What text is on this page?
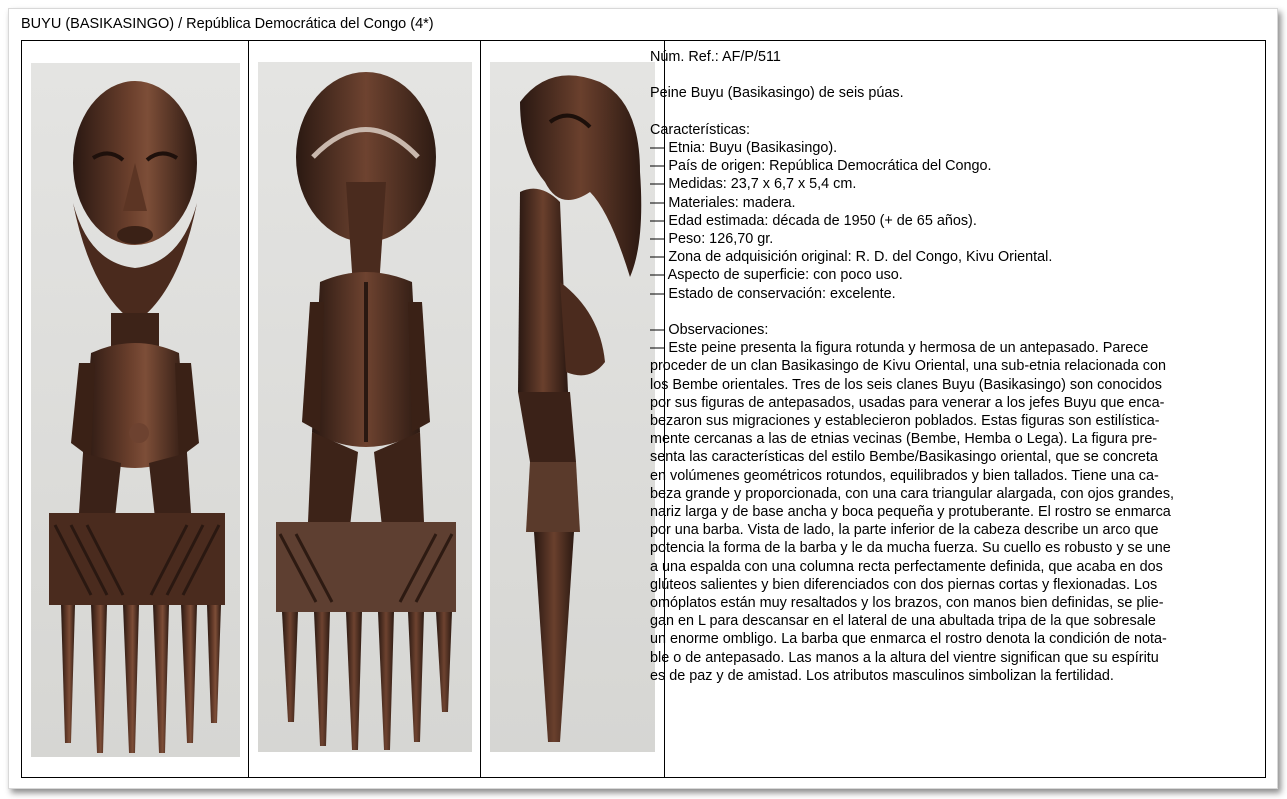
BUYU (BASIKASINGO) / República Democrática del Congo (4*)

Núm. Ref.: AF/P/511

Peine Buyu (Basikasingo) de seis púas.

Características:

— Etnia: Buyu (Basikasingo).

— País de origen: República Democrática del Congo.

— Medidas: 23,7 x 6,7 x 5,4 cm.

— Materiales: madera.

— Edad estimada: década de 1950 (+ de 65 años).

— Peso: 126,70 gr.

— Zona de adquisición original: R. D. del Congo, Kivu Oriental.

— Aspecto de superficie: con poco uso.

— Estado de conservación: excelente.

— Observaciones:

— Este peine presenta la figura rotunda y hermosa de un antepasado. Parece

proceder de un clan Basikasingo de Kivu Oriental, una sub-etnia relacionada con

los Bembe orientales. Tres de los seis clanes Buyu (Basikasingo) son conocidos

por sus figuras de antepasados, usadas para venerar a los jefes Buyu que enca-

bezaron sus migraciones y establecieron poblados. Estas figuras son estilística-

mente cercanas a las de etnias vecinas (Bembe, Hemba o Lega). La figura pre-

senta las características del estilo Bembe/Basikasingo oriental, que se concreta

en volúmenes geométricos rotundos, equilibrados y bien tallados. Tiene una ca-

beza grande y proporcionada, con una cara triangular alargada, con ojos grandes,

nariz larga y de base ancha y boca pequeña y protuberante. El rostro se enmarca

por una barba. Vista de lado, la parte inferior de la cabeza describe un arco que

potencia la forma de la barba y le da mucha fuerza. Su cuello es robusto y se une

a una espalda con una columna recta perfectamente definida, que acaba en dos

glúteos salientes y bien diferenciados con dos piernas cortas y flexionadas. Los

omóplatos están muy resaltados y los brazos, con manos bien definidas, se plie-

gan en L para descansar en el lateral de una abultada tripa de la que sobresale

un enorme ombligo. La barba que enmarca el rostro denota la condición de nota-

ble o de antepasado. Las manos a la altura del vientre significan que su espíritu

es de paz y de amistad. Los atributos masculinos simbolizan la fertilidad.
